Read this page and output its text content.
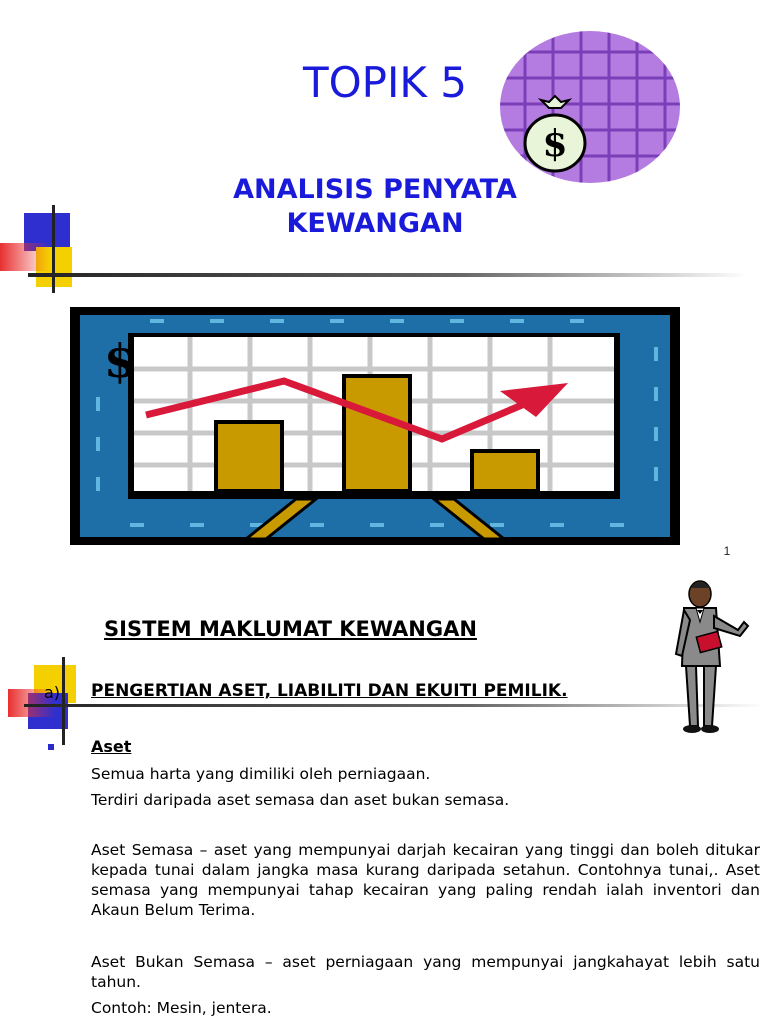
TOPIK 5
ANALISIS PENYATA
KEWANGAN
$
$
1
SISTEM MAKLUMAT KEWANGAN
a) PENGERTIAN ASET, LIABILITI DAN EKUITI PEMILIK.
Aset
Semua harta yang dimiliki oleh perniagaan.
Terdiri daripada aset semasa dan aset bukan semasa.
Aset Semasa – aset yang mempunyai darjah kecairan yang tinggi dan boleh ditukar kepada tunai dalam jangka masa kurang daripada setahun. Contohnya tunai,. Aset semasa yang mempunyai tahap kecairan yang paling rendah ialah inventori dan Akaun Belum Terima.
Aset Bukan Semasa – aset perniagaan yang mempunyai jangkahayat lebih satu tahun.
Contoh: Mesin, jentera.
